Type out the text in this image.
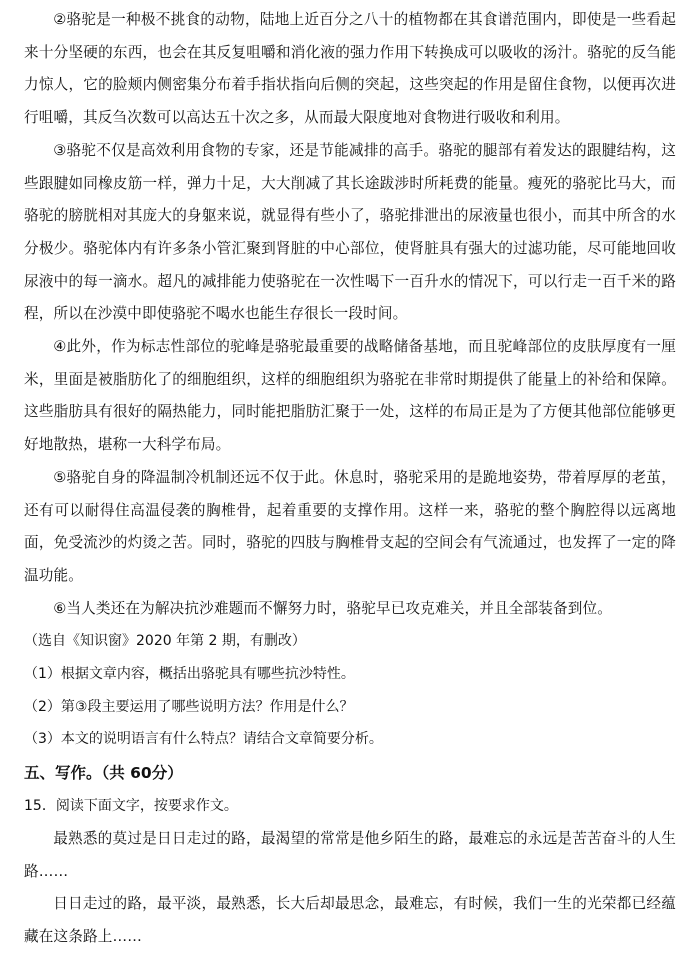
②骆驼是一种极不挑食的动物，陆地上近百分之八十的植物都在其食谱范围内，即使是一些看起来十分坚硬的东西，也会在其反复咀嚼和消化液的强力作用下转换成可以吸收的汤汁。骆驼的反刍能力惊人，它的脸颊内侧密集分布着手指状指向后侧的突起，这些突起的作用是留住食物，以便再次进行咀嚼，其反刍次数可以高达五十次之多，从而最大限度地对食物进行吸收和利用。

③骆驼不仅是高效利用食物的专家，还是节能减排的高手。骆驼的腿部有着发达的跟腱结构，这些跟腱如同橡皮筋一样，弹力十足，大大削减了其长途跋涉时所耗费的能量。瘦死的骆驼比马大，而骆驼的膀胱相对其庞大的身躯来说，就显得有些小了，骆驼排泄出的尿液量也很小，而其中所含的水分极少。骆驼体内有许多条小管汇聚到肾脏的中心部位，使肾脏具有强大的过滤功能，尽可能地回收尿液中的每一滴水。超凡的减排能力使骆驼在一次性喝下一百升水的情况下，可以行走一百千米的路程，所以在沙漠中即使骆驼不喝水也能生存很长一段时间。

④此外，作为标志性部位的驼峰是骆驼最重要的战略储备基地，而且驼峰部位的皮肤厚度有一厘米，里面是被脂肪化了的细胞组织，这样的细胞组织为骆驼在非常时期提供了能量上的补给和保障。这些脂肪具有很好的隔热能力，同时能把脂肪汇聚于一处，这样的布局正是为了方便其他部位能够更好地散热，堪称一大科学布局。

⑤骆驼自身的降温制冷机制还远不仅于此。休息时，骆驼采用的是跪地姿势，带着厚厚的老茧，还有可以耐得住高温侵袭的胸椎骨，起着重要的支撑作用。这样一来，骆驼的整个胸腔得以远离地面，免受流沙的灼烫之苦。同时，骆驼的四肢与胸椎骨支起的空间会有气流通过，也发挥了一定的降温功能。

⑥当人类还在为解决抗沙难题而不懈努力时，骆驼早已攻克难关，并且全部装备到位。

（选自《知识窗》2020 年第 2 期，有删改）

（1）根据文章内容，概括出骆驼具有哪些抗沙特性。

（2）第③段主要运用了哪些说明方法？作用是什么？

（3）本文的说明语言有什么特点？请结合文章简要分析。

五、写作。（共 60分）

15．阅读下面文字，按要求作文。

最熟悉的莫过是日日走过的路，最渴望的常常是他乡陌生的路，最难忘的永远是苦苦奋斗的人生路……

日日走过的路，最平淡，最熟悉，长大后却最思念，最难忘，有时候，我们一生的光荣都已经蕴藏在这条路上……
